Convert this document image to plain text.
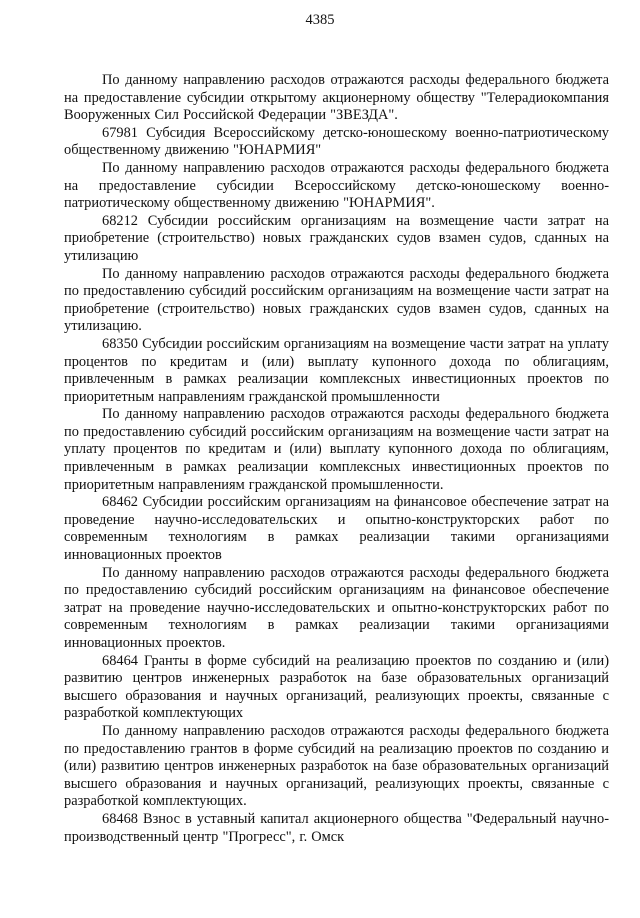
4385

По данному направлению расходов отражаются расходы федерального бюджета на предоставление субсидии открытому акционерному обществу "Телерадиокомпания Вооруженных Сил Российской Федерации "ЗВЕЗДА".

67981 Субсидия Всероссийскому детско-юношескому военно-патриотическому общественному движению "ЮНАРМИЯ"

По данному направлению расходов отражаются расходы федерального бюджета на предоставление субсидии Всероссийскому детско-юношескому военно-патриотическому общественному движению "ЮНАРМИЯ".

68212 Субсидии российским организациям на возмещение части затрат на приобретение (строительство) новых гражданских судов взамен судов, сданных на утилизацию

По данному направлению расходов отражаются расходы федерального бюджета по предоставлению субсидий российским организациям на возмещение части затрат на приобретение (строительство) новых гражданских судов взамен судов, сданных на утилизацию.

68350 Субсидии российским организациям на возмещение части затрат на уплату процентов по кредитам и (или) выплату купонного дохода по облигациям, привлеченным в рамках реализации комплексных инвестиционных проектов по приоритетным направлениям гражданской промышленности

По данному направлению расходов отражаются расходы федерального бюджета по предоставлению субсидий российским организациям на возмещение части затрат на уплату процентов по кредитам и (или) выплату купонного дохода по облигациям, привлеченным в рамках реализации комплексных инвестиционных проектов по приоритетным направлениям гражданской промышленности.

68462 Субсидии российским организациям на финансовое обеспечение затрат на проведение научно-исследовательских и опытно-конструкторских работ по современным технологиям в рамках реализации такими организациями инновационных проектов

По данному направлению расходов отражаются расходы федерального бюджета по предоставлению субсидий российским организациям на финансовое обеспечение затрат на проведение научно-исследовательских и опытно-конструкторских работ по современным технологиям в рамках реализации такими организациями инновационных проектов.

68464 Гранты в форме субсидий на реализацию проектов по созданию и (или) развитию центров инженерных разработок на базе образовательных организаций высшего образования и научных организаций, реализующих проекты, связанные с разработкой комплектующих

По данному направлению расходов отражаются расходы федерального бюджета по предоставлению грантов в форме субсидий на реализацию проектов по созданию и (или) развитию центров инженерных разработок на базе образовательных организаций высшего образования и научных организаций, реализующих проекты, связанные с разработкой комплектующих.

68468 Взнос в уставный капитал акционерного общества "Федеральный научно-производственный центр "Прогресс", г. Омск
